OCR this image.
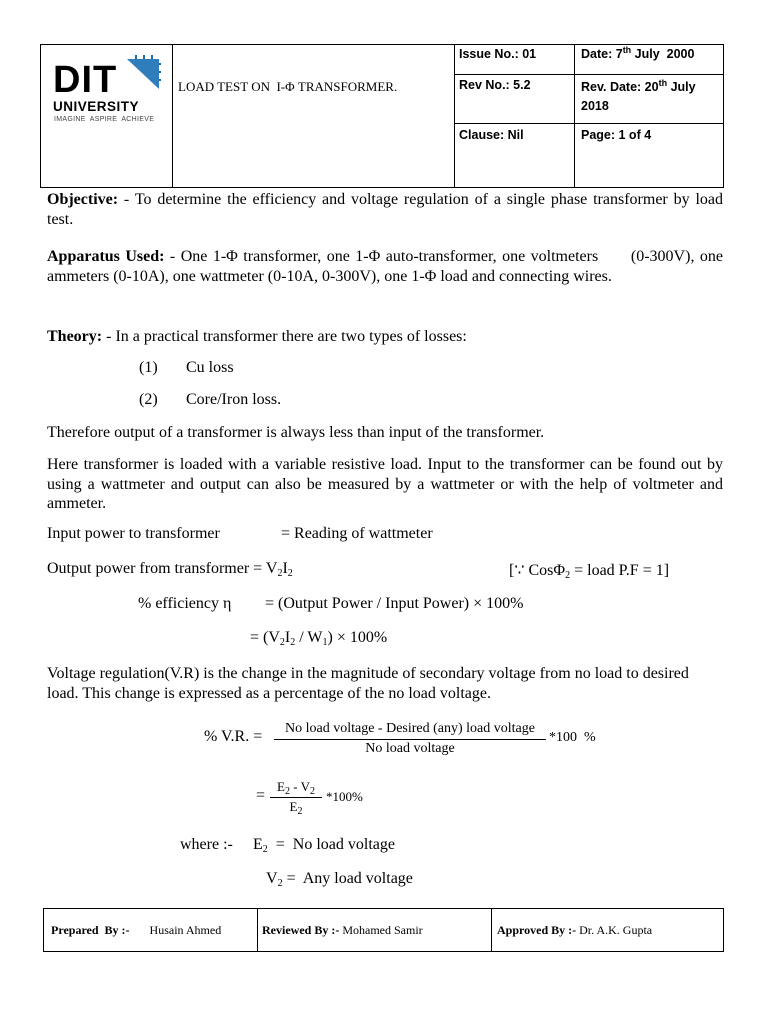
DIT
UNIVERSITY
IMAGINE  ASPIRE  ACHIEVE
LOAD TEST ON  I-Φ TRANSFORMER.
Issue No.: 01	Date: 7th July  2000
Rev No.: 5.2	Rev. Date: 20th July
2018
Clause: Nil	Page: 1 of 4
Objective: - To determine the efficiency and voltage regulation of a single phase transformer by load test.
Apparatus Used: - One 1-Φ transformer, one 1-Φ auto-transformer, one voltmeters      (0-300V), one ammeters (0-10A), one wattmeter (0-10A, 0-300V), one 1-Φ load and connecting wires.
Theory: - In a practical transformer there are two types of losses:
(1) Cu loss
(2) Core/Iron loss.
Therefore output of a transformer is always less than input of the transformer.
Here transformer is loaded with a variable resistive load. Input to the transformer can be found out by using a wattmeter and output can also be measured by a wattmeter or with the help of voltmeter and ammeter.
Input power to transformer	= Reading of wattmeter
Output power from transformer = $V_2I_2$	[∵ CosΦ$_2$ = load P.F = 1]
% efficiency η = (Output Power / Input Power) × 100%
= $(V_2I_2 / W_1) \times 100\%$
Voltage regulation(V.R) is the change in the magnitude of secondary voltage from no load to desired load. This change is expressed as a percentage of the no load voltage.
% V.R. =	No load voltage - Desired (any) load voltage
No load voltage
*100  %
=
$E_2 - V_2$
$E_2$
*100%
where :- $E_2 = No$ load voltage
$V_2$ =  Any load voltage
Prepared  By :- Husain Ahmed	Reviewed By :- Mohamed Samir	Approved By :- Dr. A.K. Gupta
